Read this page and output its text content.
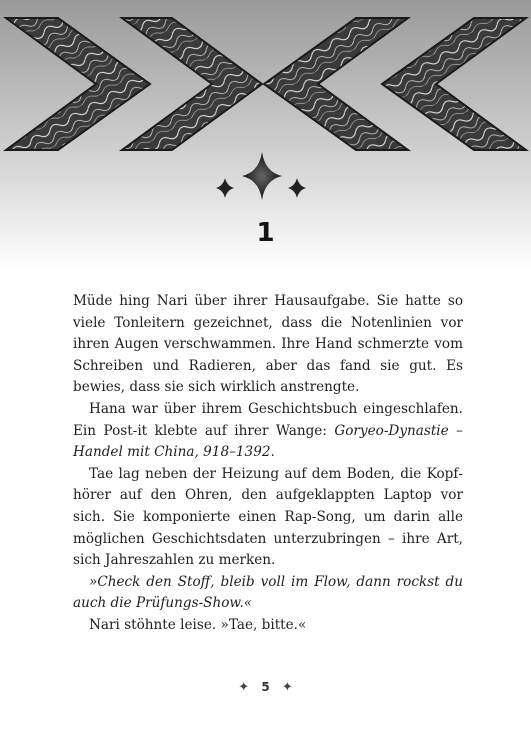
1

Müde hing Nari über ihrer Hausaufgabe. Sie hatte so viele Tonleitern gezeichnet, dass die Notenlinien vor ihren Augen verschwammen. Ihre Hand schmerzte vom Schreiben und Radieren, aber das fand sie gut. Es bewies, dass sie sich wirklich anstrengte.

Hana war über ihrem Geschichtsbuch eingeschlafen. Ein Post-it klebte auf ihrer Wange: Goryeo-Dynastie – Handel mit China, 918–1392.

Tae lag neben der Heizung auf dem Boden, die Kopfhörer auf den Ohren, den aufgeklappten Laptop vor sich. Sie komponierte einen Rap-Song, um darin alle möglichen Geschichtsdaten unterzubringen – ihre Art, sich Jahreszahlen zu merken.

»Check den Stoff, bleib voll im Flow, dann rockst du auch die Prüfungs-Show.«

Nari stöhnte leise. »Tae, bitte.«

✦ 5 ✦
